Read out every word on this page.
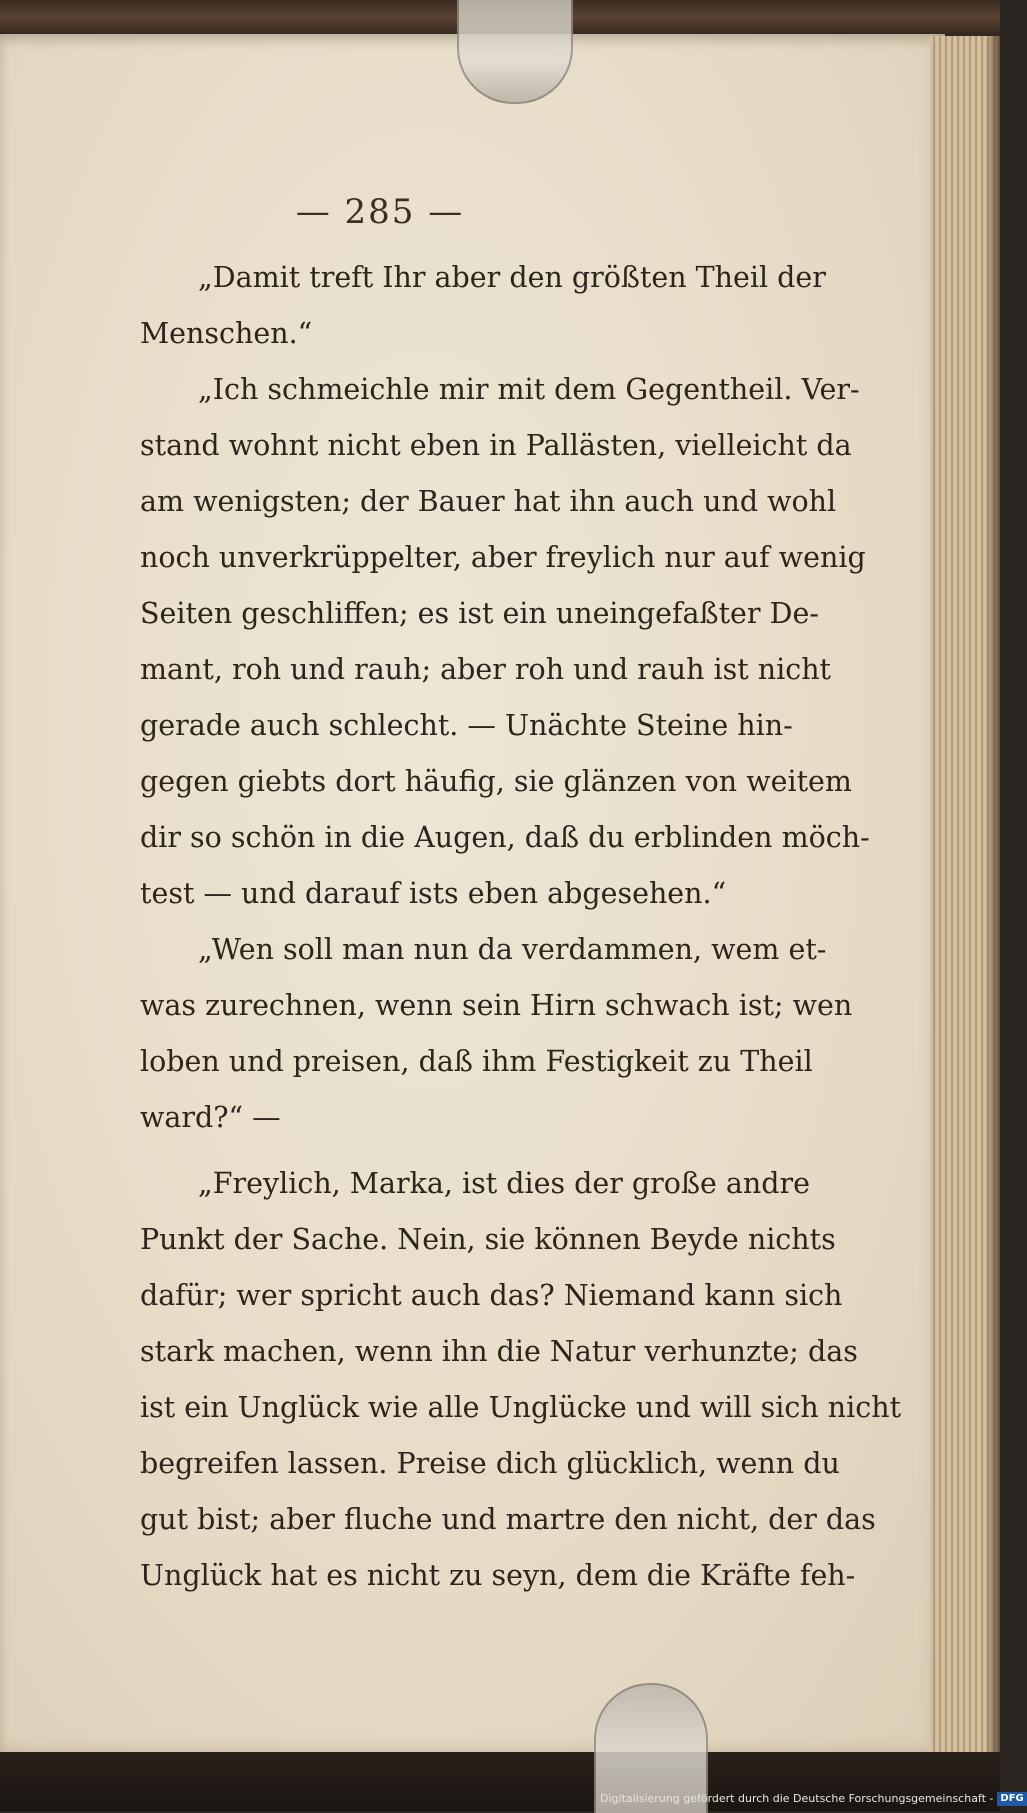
— 285 —
„Damit treft Ihr aber den größten Theil der
Menschen.“
„Ich schmeichle mir mit dem Gegentheil. Ver-
stand wohnt nicht eben in Pallästen, vielleicht da
am wenigsten; der Bauer hat ihn auch und wohl
noch unverkrüppelter, aber freylich nur auf wenig
Seiten geschliffen; es ist ein uneingefaßter De-
mant, roh und rauh; aber roh und rauh ist nicht
gerade auch schlecht. — Unächte Steine hin-
gegen giebts dort häufig, sie glänzen von weitem
dir so schön in die Augen, daß du erblinden möch-
test — und darauf ists eben abgesehen.“
„Wen soll man nun da verdammen, wem et-
was zurechnen, wenn sein Hirn schwach ist; wen
loben und preisen, daß ihm Festigkeit zu Theil
ward?“ —
„Freylich, Marka, ist dies der große andre
Punkt der Sache. Nein, sie können Beyde nichts
dafür; wer spricht auch das? Niemand kann sich
stark machen, wenn ihn die Natur verhunzte; das
ist ein Unglück wie alle Unglücke und will sich nicht
begreifen lassen. Preise dich glücklich, wenn du
gut bist; aber fluche und martre den nicht, der das
Unglück hat es nicht zu seyn, dem die Kräfte feh-
Digitalisierung gefördert durch die Deutsche Forschungsgemeinschaft - DFG
